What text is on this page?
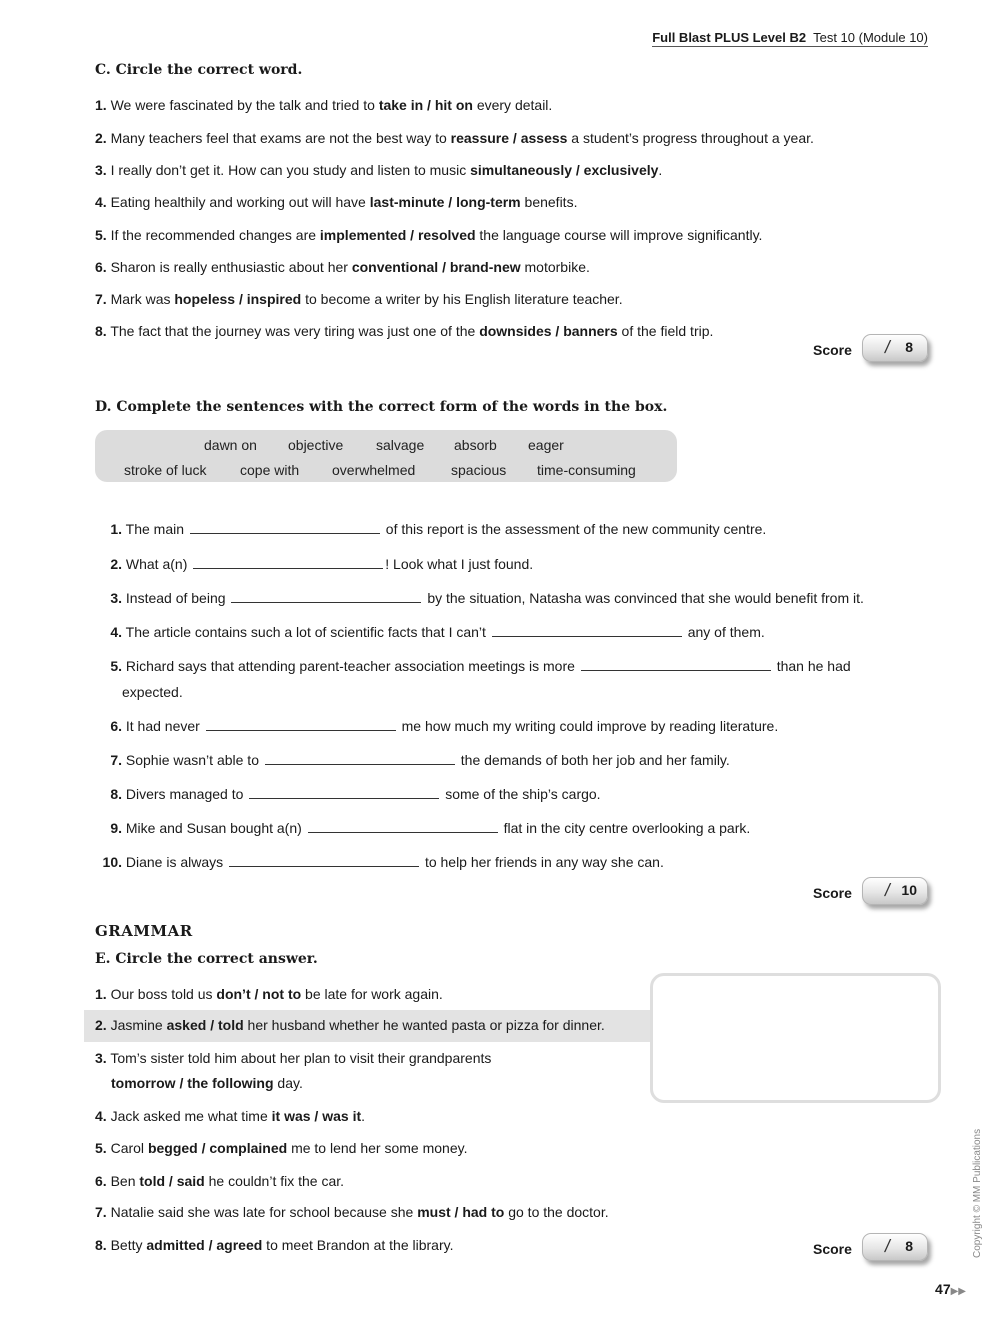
Full Blast PLUS Level B2 Test 10 (Module 10)
C. Circle the correct word.
1. We were fascinated by the talk and tried to take in / hit on every detail.
2. Many teachers feel that exams are not the best way to reassure / assess a student’s progress throughout a year.
3. I really don’t get it. How can you study and listen to music simultaneously / exclusively.
4. Eating healthily and working out will have last-minute / long-term benefits.
5. If the recommended changes are implemented / resolved the language course will improve significantly.
6. Sharon is really enthusiastic about her conventional / brand-new motorbike.
7. Mark was hopeless / inspired to become a writer by his English literature teacher.
8. The fact that the journey was very tiring was just one of the downsides / banners of the field trip.
Score / 8
D. Complete the sentences with the correct form of the words in the box.
dawn on objective salvage absorb eager
stroke of luck cope with overwhelmed	spacious time-consuming
1. The main	of this report is the assessment of the new community centre.
2. What a(n)	! Look what I just found.
3. Instead of being	by the situation, Natasha was convinced that she would benefit from it.
4. The article contains such a lot of scientific facts that I can’t	any of them.
5. Richard says that attending parent-teacher association meetings is more	than he had
expected.
6. It had never	me how much my writing could improve by reading literature.
7. Sophie wasn’t able to	the demands of both her job and her family.
8. Divers managed to	some of the ship’s cargo.
9. Mike and Susan bought a(n)	flat in the city centre overlooking a park.
10. Diane is always	to help her friends in any way she can.
Score / 10
GRAMMAR
E. Circle the correct answer.
1. Our boss told us don’t / not to be late for work again.
2. Jasmine asked / told her husband whether he wanted pasta or pizza for dinner.
3. Tom’s sister told him about her plan to visit their grandparents
tomorrow / the following day.
4. Jack asked me what time it was / was it.
5. Carol begged / complained me to lend her some money.
6. Ben told / said he couldn’t fix the car.
7. Natalie said she was late for school because she must / had to go to the doctor.
8. Betty admitted / agreed to meet Brandon at the library.	Score / 8	Copyright © MM Publications
47▶▶
